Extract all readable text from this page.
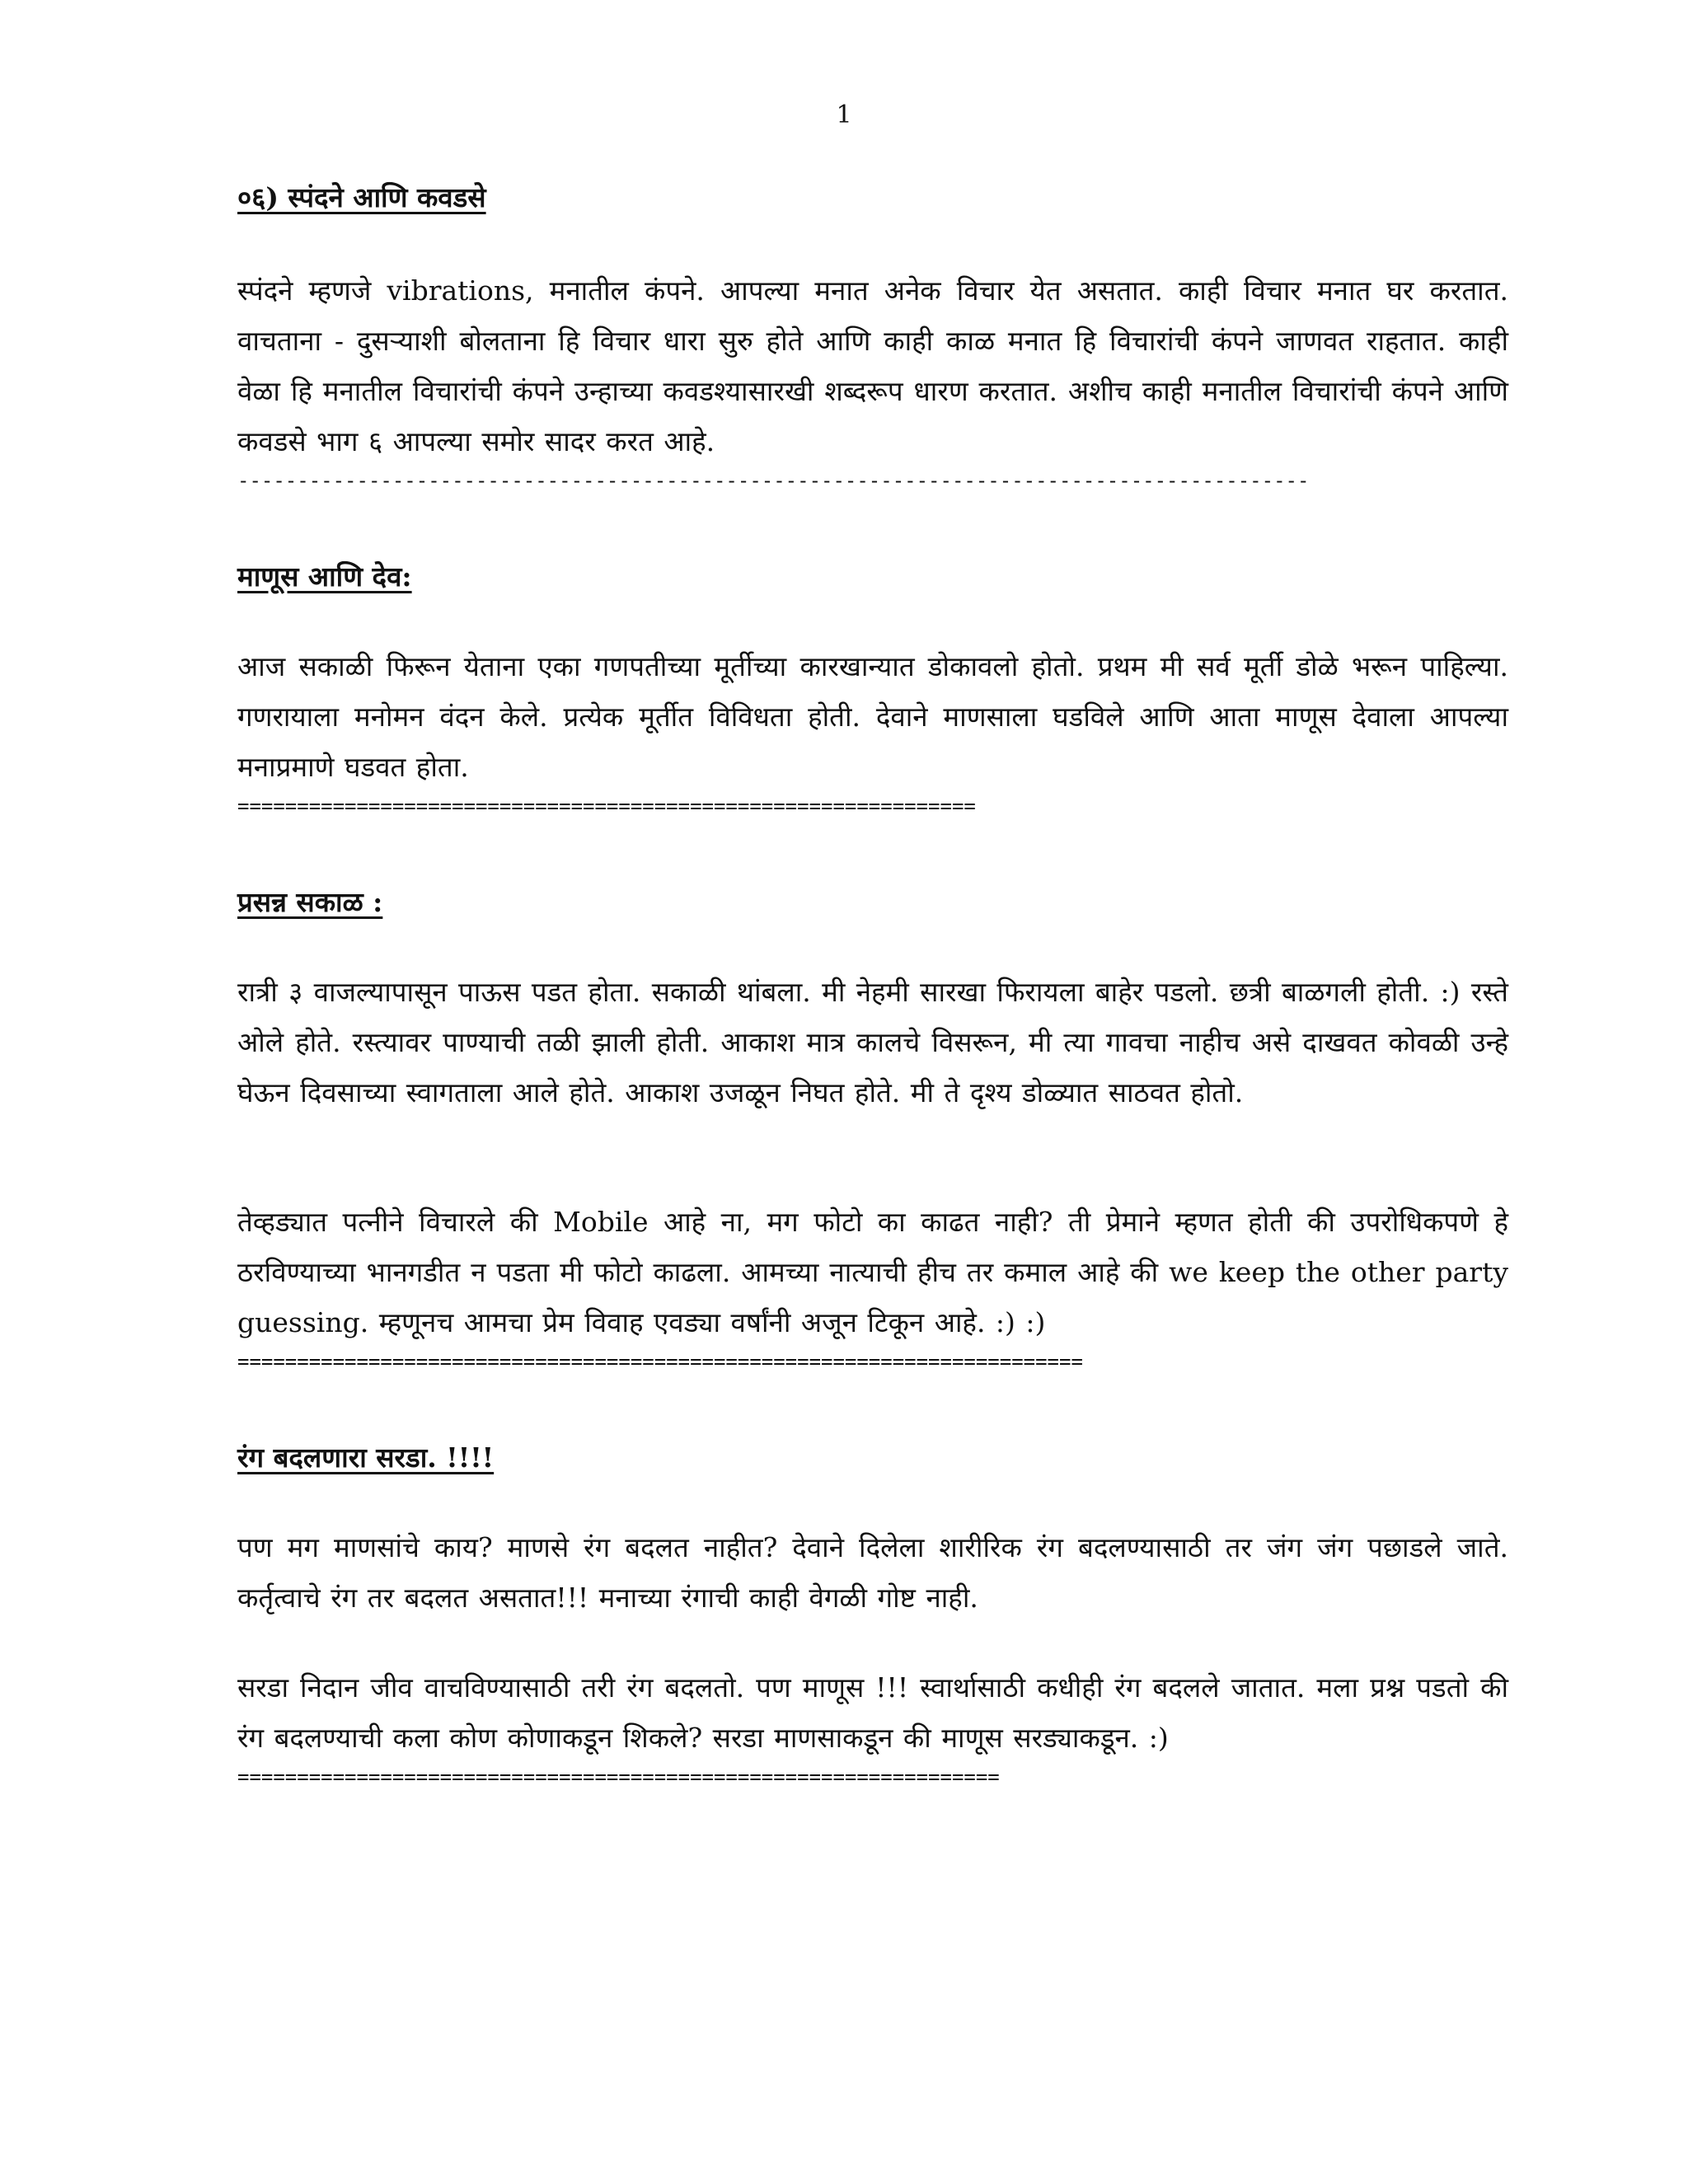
1

०६) स्पंदने आणि कवडसे

स्पंदने म्हणजे vibrations, मनातील कंपने. आपल्या मनात अनेक विचार येत असतात. काही विचार मनात घर करतात. वाचताना - दुसऱ्याशी बोलताना हि विचार धारा सुरु होते आणि काही काळ मनात हि विचारांची कंपने जाणवत राहतात. काही वेळा हि मनातील विचारांची कंपने उन्हाच्या कवडश्यासारखी शब्दरूप धारण करतात. अशीच काही मनातील विचारांची कंपने आणि कवडसे भाग ६ आपल्या समोर सादर करत आहे.

------------------------------------------------------------------------------------------

माणूस आणि देव:

आज सकाळी फिरून येताना एका गणपतीच्या मूर्तीच्या कारखान्यात डोकावलो होतो. प्रथम मी सर्व मूर्ती डोळे भरून पाहिल्या. गणरायाला मनोमन वंदन केले. प्रत्येक मूर्तीत विविधता होती. देवाने माणसाला घडविले आणि आता माणूस देवाला आपल्या मनाप्रमाणे घडवत होता.

==============================================================

प्रसन्न सकाळ :

रात्री ३ वाजल्यापासून पाऊस पडत होता. सकाळी थांबला. मी नेहमी सारखा फिरायला बाहेर पडलो. छत्री बाळगली होती. :) रस्ते ओले होते. रस्त्यावर पाण्याची तळी झाली होती. आकाश मात्र कालचे विसरून, मी त्या गावचा नाहीच असे दाखवत कोवळी उन्हे घेऊन दिवसाच्या स्वागताला आले होते. आकाश उजळून निघत होते. मी ते दृश्य डोळ्यात साठवत होतो.

तेव्हड्यात पत्नीने विचारले की Mobile आहे ना, मग फोटो का काढत नाही? ती प्रेमाने म्हणत होती की उपरोधिकपणे हे ठरविण्याच्या भानगडीत न पडता मी फोटो काढला. आमच्या नात्याची हीच तर कमाल आहे की we keep the other party guessing. म्हणूनच आमचा प्रेम विवाह एवड्या वर्षांनी अजून टिकून आहे. :) :)

=======================================================================

रंग बदलणारा सरडा. !!!!

पण मग माणसांचे काय? माणसे रंग बदलत नाहीत? देवाने दिलेला शारीरिक रंग बदलण्यासाठी तर जंग जंग पछाडले जाते. कर्तृत्वाचे रंग तर बदलत असतात!!! मनाच्या रंगाची काही वेगळी गोष्ट नाही.

सरडा निदान जीव वाचविण्यासाठी तरी रंग बदलतो. पण माणूस !!! स्वार्थासाठी कधीही रंग बदलले जातात. मला प्रश्न पडतो की रंग बदलण्याची कला कोण कोणाकडून शिकले? सरडा माणसाकडून की माणूस सरड्याकडून. :)

================================================================
